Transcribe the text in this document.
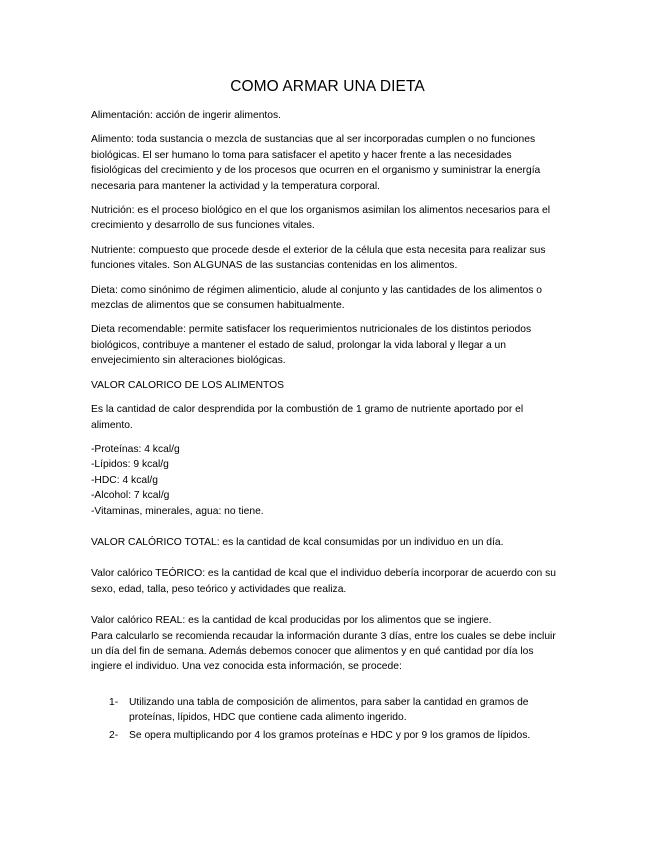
COMO ARMAR UNA DIETA

Alimentación: acción de ingerir alimentos.

Alimento: toda sustancia o mezcla de sustancias que al ser incorporadas cumplen o no funciones biológicas. El ser humano lo toma para satisfacer el apetito y hacer frente a las necesidades fisiológicas del crecimiento y de los procesos que ocurren en el organismo y suministrar la energía necesaria para mantener la actividad y la temperatura corporal.

Nutrición: es el proceso biológico en el que los organismos asimilan los alimentos necesarios para el crecimiento y desarrollo de sus funciones vitales.

Nutriente: compuesto que procede desde el exterior de la célula que esta necesita para realizar sus funciones vitales. Son ALGUNAS de las sustancias contenidas en los alimentos.

Dieta: como sinónimo de régimen alimenticio, alude al conjunto y las cantidades de los alimentos o mezclas de alimentos que se consumen habitualmente.

Dieta recomendable: permite satisfacer los requerimientos nutricionales de los distintos periodos biológicos, contribuye a mantener el estado de salud, prolongar la vida laboral y llegar a un envejecimiento sin alteraciones biológicas.

VALOR CALORICO DE LOS ALIMENTOS

Es la cantidad de calor desprendida por la combustión de 1 gramo de nutriente aportado por el alimento.

-Proteínas: 4 kcal/g
-Lípidos: 9 kcal/g
-HDC: 4 kcal/g
-Alcohol: 7 kcal/g
-Vitaminas, minerales, agua: no tiene.

VALOR CALÓRICO TOTAL: es la cantidad de kcal consumidas por un individuo en un día.

Valor calórico TEÓRICO: es la cantidad de kcal que el individuo debería incorporar de acuerdo con su sexo, edad, talla, peso teórico y actividades que realiza.

Valor calórico REAL: es la cantidad de kcal producidas por los alimentos que se ingiere.
Para calcularlo se recomienda recaudar la información durante 3 días, entre los cuales se debe incluir un día del fin de semana. Además debemos conocer que alimentos y en qué cantidad por día los ingiere el individuo. Una vez conocida esta información, se procede:
1- Utilizando una tabla de composición de alimentos, para saber la cantidad en gramos de proteínas, lípidos, HDC que contiene cada alimento ingerido.
2- Se opera multiplicando por 4 los gramos proteínas e HDC y por 9 los gramos de lípidos.
